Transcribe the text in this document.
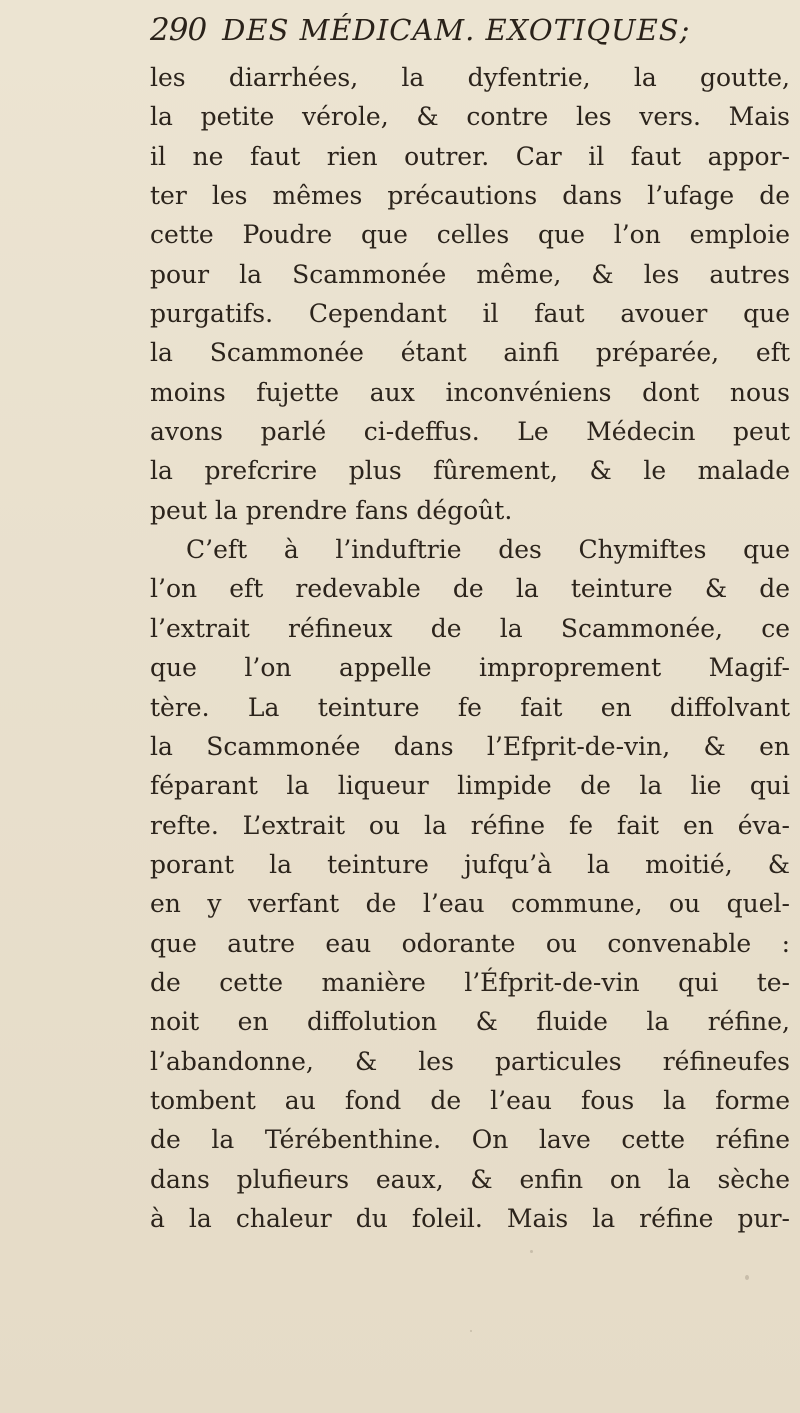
290 DES MÉDICAM. EXOTIQUES;
les diarrhées, la dyfentrie, la goutte,
la petite vérole, & contre les vers. Mais
il ne faut rien outrer. Car il faut appor-
ter les mêmes précautions dans l’ufage de
cette Poudre que celles que l’on emploie
pour la Scammonée même, & les autres
purgatifs. Cependant il faut avouer que
la Scammonée étant ainfi préparée, eft
moins fujette aux inconvéniens dont nous
avons parlé ci-deffus. Le Médecin peut
la prefcrire plus fûrement, & le malade
peut la prendre fans dégoût.
C’eft à l’induftrie des Chymiftes que
l’on eft redevable de la teinture & de
l’extrait réfineux de la Scammonée, ce
que l’on appelle improprement Magif-
tère. La teinture fe fait en diffolvant
la Scammonée dans l’Efprit-de-vin, & en
féparant la liqueur limpide de la lie qui
refte. L’extrait ou la réfine fe fait en éva-
porant la teinture jufqu’à la moitié, &
en y verfant de l’eau commune, ou quel-
que autre eau odorante ou convenable :
de cette manière l’Éfprit-de-vin qui te-
noit en diffolution & fluide la réfine,
l’abandonne, & les particules réfineufes
tombent au fond de l’eau fous la forme
de la Térébenthine. On lave cette réfine
dans plufieurs eaux, & enfin on la sèche
à la chaleur du foleil. Mais la réfine pur-
